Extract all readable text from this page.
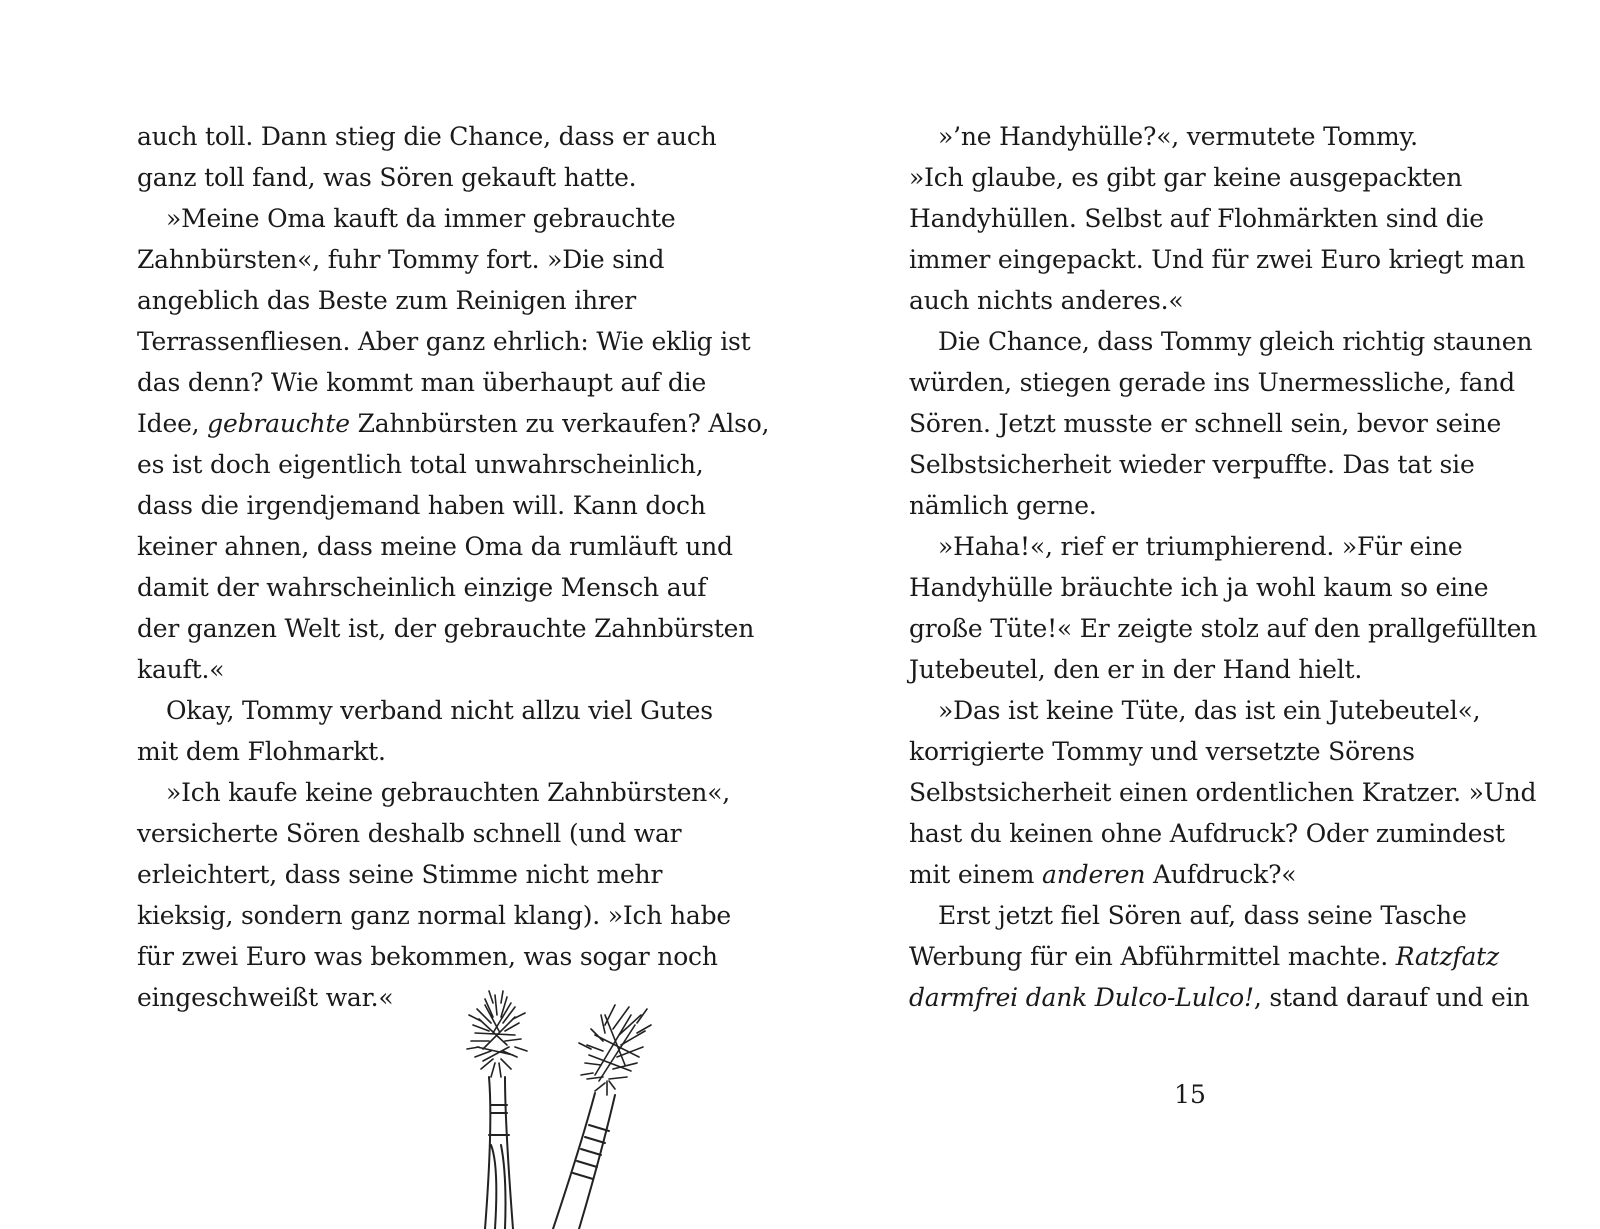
auch toll. Dann stieg die Chance, dass er auch
ganz toll fand, was Sören gekauft hatte.
»Meine Oma kauft da immer gebrauchte
Zahnbürsten«, fuhr Tommy fort. »Die sind
angeblich das Beste zum Reinigen ihrer
Terrassenfliesen. Aber ganz ehrlich: Wie eklig ist
das denn? Wie kommt man überhaupt auf die
Idee, gebrauchte Zahnbürsten zu verkaufen? Also,
es ist doch eigentlich total unwahrscheinlich,
dass die irgendjemand haben will. Kann doch
keiner ahnen, dass meine Oma da rumläuft und
damit der wahrscheinlich einzige Mensch auf
der ganzen Welt ist, der gebrauchte Zahnbürsten
kauft.«
Okay, Tommy verband nicht allzu viel Gutes
mit dem Flohmarkt.
»Ich kaufe keine gebrauchten Zahnbürsten«,
versicherte Sören deshalb schnell (und war
erleichtert, dass seine Stimme nicht mehr
kieksig, sondern ganz normal klang). »Ich habe
für zwei Euro was bekommen, was sogar noch
eingeschweißt war.«
»’ne Handyhülle?«, vermutete Tommy.
»Ich glaube, es gibt gar keine ausgepackten
Handyhüllen. Selbst auf Flohmärkten sind die
immer eingepackt. Und für zwei Euro kriegt man
auch nichts anderes.«
Die Chance, dass Tommy gleich richtig staunen
würden, stiegen gerade ins Unermessliche, fand
Sören. Jetzt musste er schnell sein, bevor seine
Selbstsicherheit wieder verpuffte. Das tat sie
nämlich gerne.
»Haha!«, rief er triumphierend. »Für eine
Handyhülle bräuchte ich ja wohl kaum so eine
große Tüte!« Er zeigte stolz auf den prallgefüllten
Jutebeutel, den er in der Hand hielt.
»Das ist keine Tüte, das ist ein Jutebeutel«,
korrigierte Tommy und versetzte Sörens
Selbstsicherheit einen ordentlichen Kratzer. »Und
hast du keinen ohne Aufdruck? Oder zumindest
mit einem anderen Aufdruck?«
Erst jetzt fiel Sören auf, dass seine Tasche
Werbung für ein Abführmittel machte. Ratzfatz
darmfrei dank Dulco-Lulco!, stand darauf und ein
15
